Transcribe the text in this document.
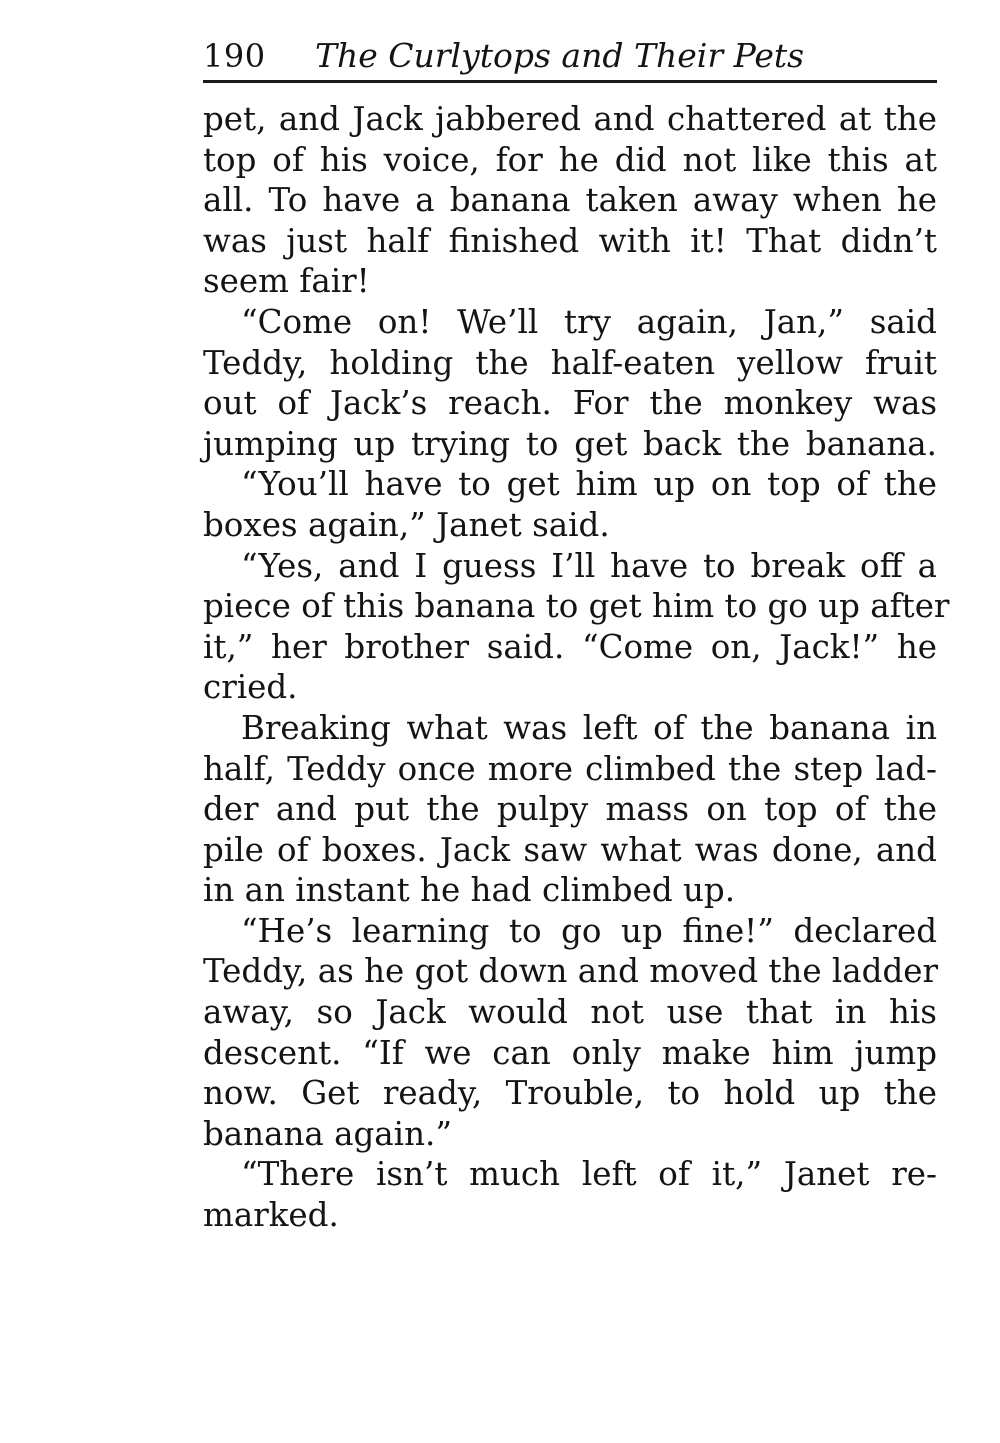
190 The Curlytops and Their Pets
pet, and Jack jabbered and chattered at the
top of his voice, for he did not like this at
all. To have a banana taken away when he
was just half finished with it! That didn’t
seem fair!
“Come on! We’ll try again, Jan,” said
Teddy, holding the half-eaten yellow fruit
out of Jack’s reach. For the monkey was
jumping up trying to get back the banana.
“You’ll have to get him up on top of the
boxes again,” Janet said.
“Yes, and I guess I’ll have to break off a
piece of this banana to get him to go up after
it,” her brother said. “Come on, Jack!” he
cried.
Breaking what was left of the banana in
half, Teddy once more climbed the step lad-
der and put the pulpy mass on top of the
pile of boxes. Jack saw what was done, and
in an instant he had climbed up.
“He’s learning to go up fine!” declared
Teddy, as he got down and moved the ladder
away, so Jack would not use that in his
descent. “If we can only make him jump
now. Get ready, Trouble, to hold up the
banana again.”
“There isn’t much left of it,” Janet re-
marked.
